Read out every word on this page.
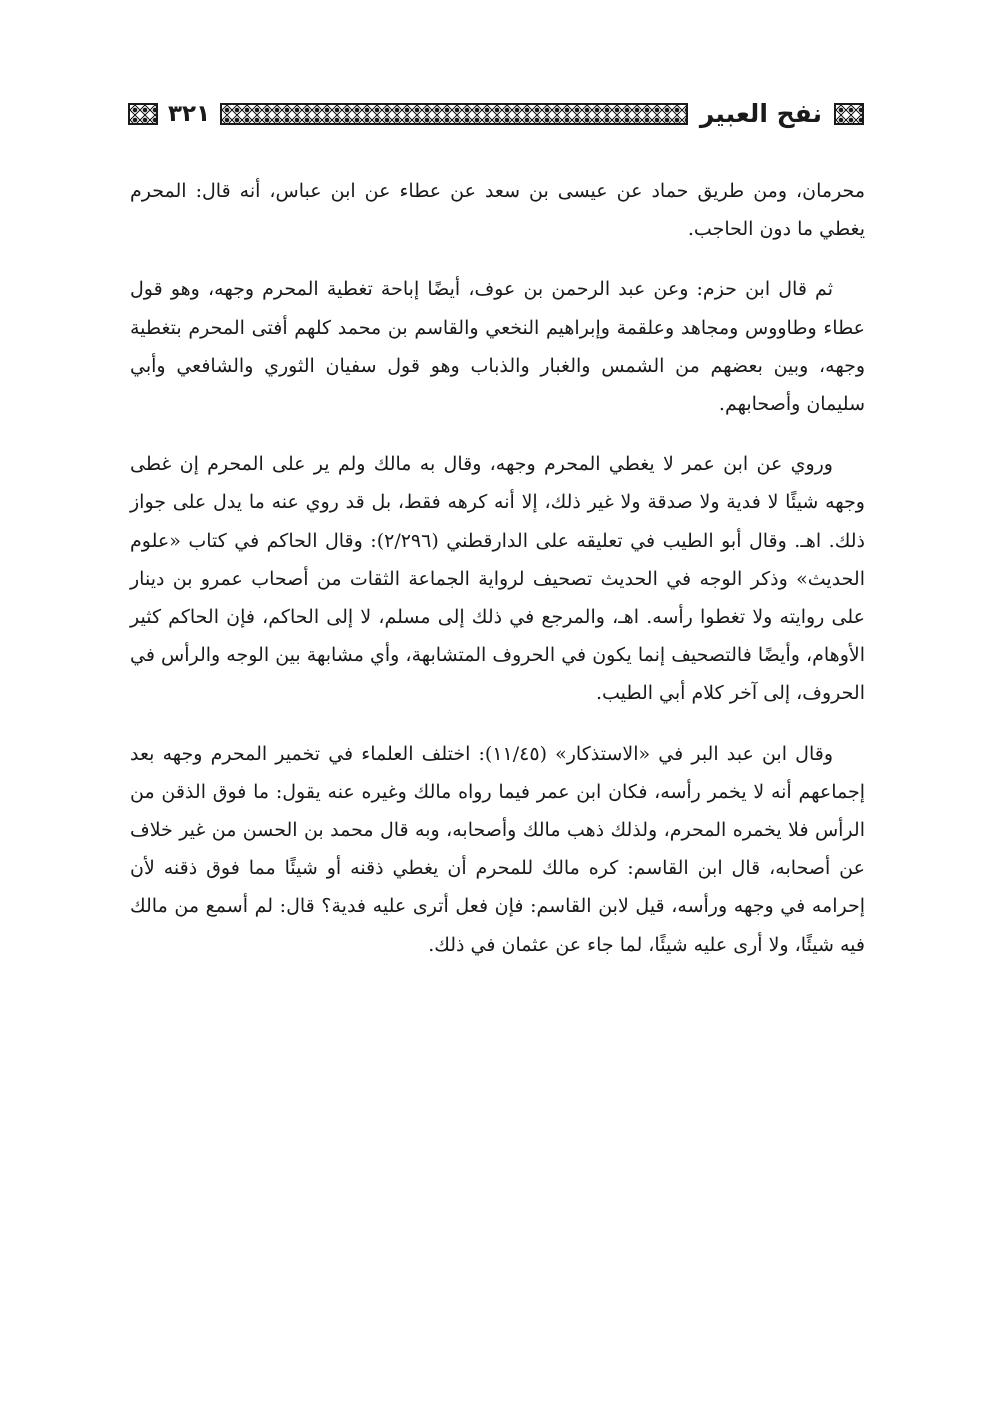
نفح العبير
٣٢١

محرمان، ومن طريق حماد عن عيسى بن سعد عن عطاء عن ابن عباس، أنه قال: المحرم يغطي ما دون الحاجب.

ثم قال ابن حزم: وعن عبد الرحمن بن عوف، أيضًا إباحة تغطية المحرم وجهه، وهو قول عطاء وطاووس ومجاهد وعلقمة وإبراهيم النخعي والقاسم بن محمد كلهم أفتى المحرم بتغطية وجهه، وبين بعضهم من الشمس والغبار والذباب وهو قول سفيان الثوري والشافعي وأبي سليمان وأصحابهم.

وروي عن ابن عمر لا يغطي المحرم وجهه، وقال به مالك ولم ير على المحرم إن غطى وجهه شيئًا لا فدية ولا صدقة ولا غير ذلك، إلا أنه كرهه فقط، بل قد روي عنه ما يدل على جواز ذلك. اهـ. وقال أبو الطيب في تعليقه على الدارقطني (٢/٢٩٦): وقال الحاكم في كتاب «علوم الحديث» وذكر الوجه في الحديث تصحيف لرواية الجماعة الثقات من أصحاب عمرو بن دينار على روايته ولا تغطوا رأسه. اهـ، والمرجع في ذلك إلى مسلم، لا إلى الحاكم، فإن الحاكم كثير الأوهام، وأيضًا فالتصحيف إنما يكون في الحروف المتشابهة، وأي مشابهة بين الوجه والرأس في الحروف، إلى آخر كلام أبي الطيب.

وقال ابن عبد البر في «الاستذكار» (١١/٤٥): اختلف العلماء في تخمير المحرم وجهه بعد إجماعهم أنه لا يخمر رأسه، فكان ابن عمر فيما رواه مالك وغيره عنه يقول: ما فوق الذقن من الرأس فلا يخمره المحرم، ولذلك ذهب مالك وأصحابه، وبه قال محمد بن الحسن من غير خلاف عن أصحابه، قال ابن القاسم: كره مالك للمحرم أن يغطي ذقنه أو شيئًا مما فوق ذقنه لأن إحرامه في وجهه ورأسه، قيل لابن القاسم: فإن فعل أترى عليه فدية؟ قال: لم أسمع من مالك فيه شيئًا، ولا أرى عليه شيئًا، لما جاء عن عثمان في ذلك.
